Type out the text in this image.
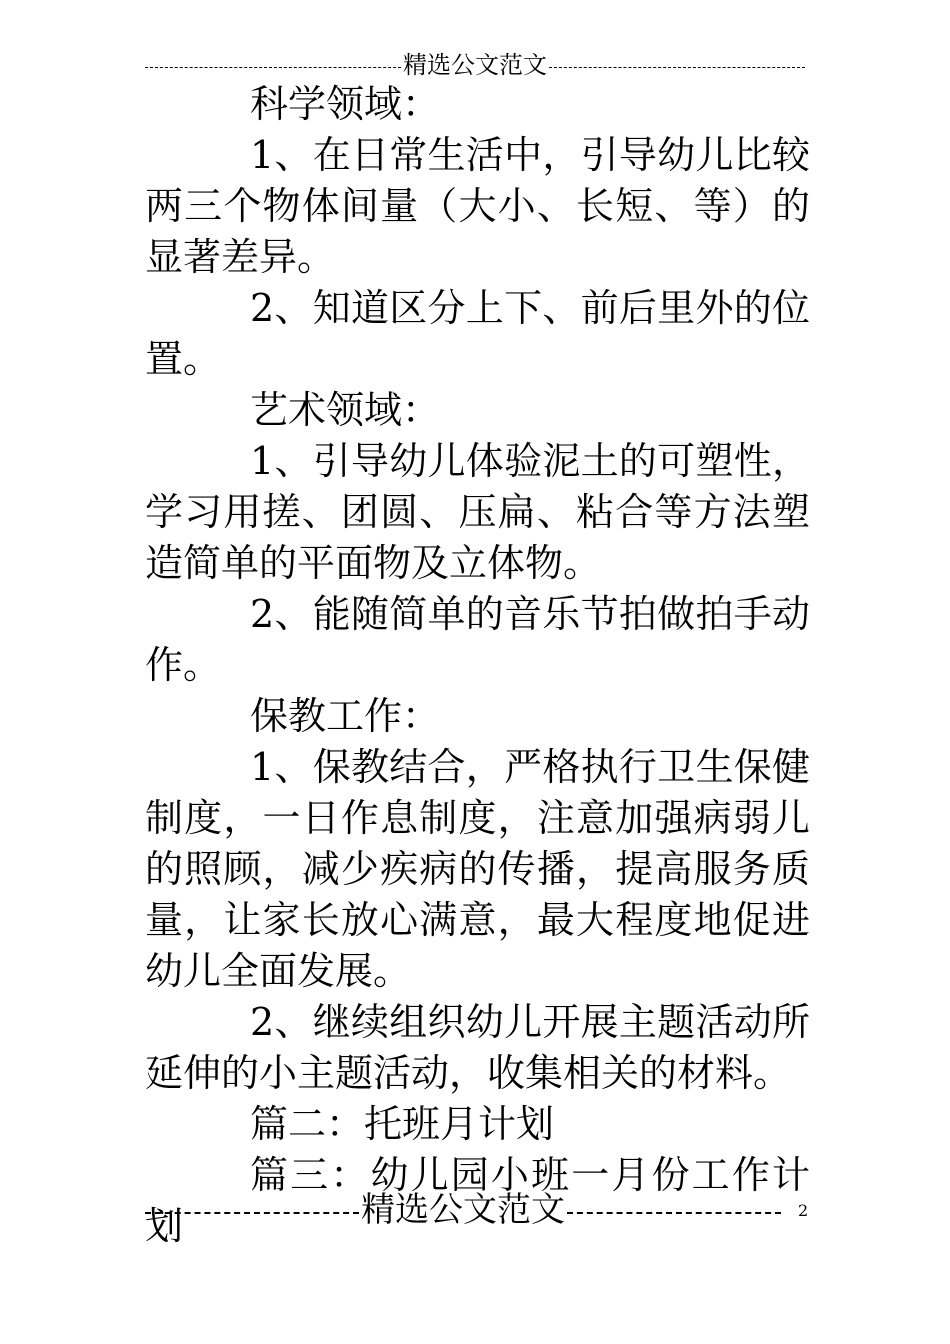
精选公文范文

科学领域：

1、在日常生活中，引导幼儿比较两三个物体间量（大小、长短、等）的显著差异。

2、知道区分上下、前后里外的位置。

艺术领域：

1、引导幼儿体验泥土的可塑性，学习用搓、团圆、压扁、粘合等方法塑造简单的平面物及立体物。

2、能随简单的音乐节拍做拍手动作。

保教工作：

1、保教结合，严格执行卫生保健制度，一日作息制度，注意加强病弱儿的照顾，减少疾病的传播，提高服务质量，让家长放心满意，最大程度地促进幼儿全面发展。

2、继续组织幼儿开展主题活动所延伸的小主题活动，收集相关的材料。

篇二：托班月计划

篇三：幼儿园小班一月份工作计划	精选公文范文	2
